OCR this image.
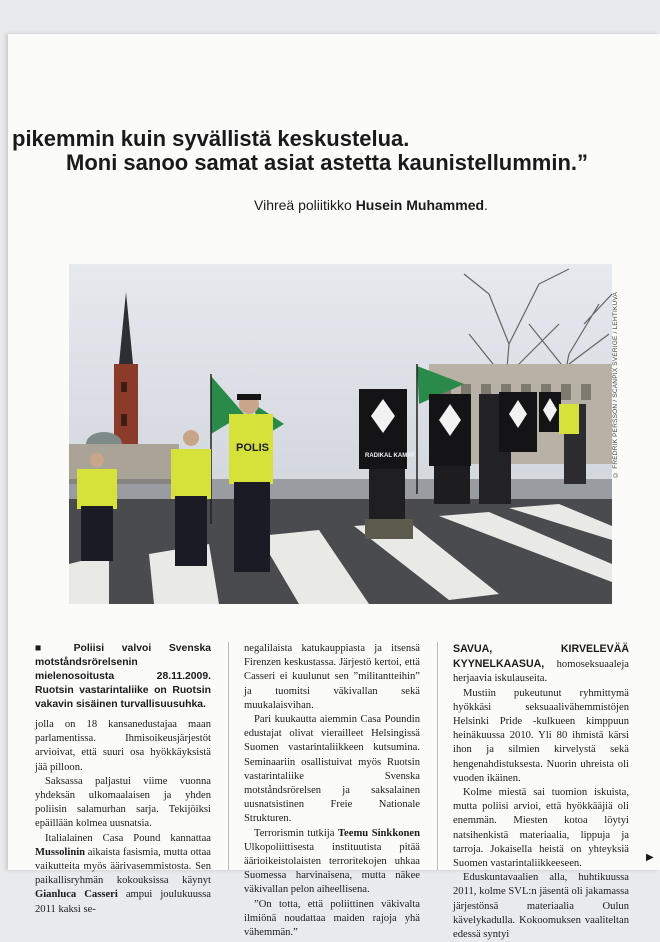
pikemmin kuin syvällistä keskustelua.
Moni sanoo samat asiat astetta kaunistellummin.”
Vihreä poliitikko Husein Muhammed.
POLIS
RADIKAL KAMPF	© FREDRIK PERSSON / SCANPIX SVERIGE / LEHTIKUVA

■ Poliisi valvoi Svenska motståndsrörelsenin mielenosoitusta 28.11.2009. Ruotsin vastarintaliike on Ruotsin vakavin sisäinen turvallisuusuhka.

jolla on 18 kansanedustajaa maan parlamentissa. Ihmisoikeusjärjestöt arvioivat, että suuri osa hyökkäyksistä jää pilloon.

Saksassa paljastui viime vuonna yhdeksän ulkomaalaisen ja yhden poliisin salamurhan sarja. Tekijöiksi epäillään kolmea uusnatsia.

Italialainen Casa Pound kannattaa Mussolinin aikaista fasismia, mutta ottaa vaikutteita myös äärivasemmistosta. Sen paikallisryhmän kokouksissa käynyt Gianluca Casseri ampui joulukuussa 2011 kaksi se-

negalilaista katukauppiasta ja itsensä Firenzen keskustassa. Järjestö kertoi, että Casseri ei kuulunut sen ”militantteihin” ja tuomitsi väkivallan sekä muukalaisvihan.

Pari kuukautta aiemmin Casa Poundin edustajat olivat vierailleet Helsingissä Suomen vastarintaliikkeen kutsumina. Seminaariin osallistuivat myös Ruotsin vastarintaliike Svenska motståndsrörelsen ja saksalainen uusnatsistinen Freie Nationale Strukturen.

Terrorismin tutkija Teemu Sinkkonen Ulkopoliittisesta instituutista pitää äärioikeistolaisten terroritekojen uhkaa Suomessa harvinaisena, mutta näkee väkivallan pelon aiheellisena.

”On totta, että poliittinen väkivalta ilmiönä noudattaa maiden rajoja yhä vähemmän.”

SAVUA, KIRVELEVÄÄ KYYNELKAASUA, homoseksuaaleja herjaavia iskulauseita.

Mustiin pukeutunut ryhmittymä hyökkäsi seksuaalivähemmistöjen Helsinki Pride -kulkueen kimppuun heinäkuussa 2010. Yli 80 ihmistä kärsi ihon ja silmien kirvelystä sekä hengenahdistuksesta. Nuorin uhreista oli vuoden ikäinen.

Kolme miestä sai tuomion iskuista, mutta poliisi arvioi, että hyökkääjiä oli enemmän. Miesten kotoa löytyi natsihenkistä materiaalia, lippuja ja tarroja. Jokaisella heistä on yhteyksiä Suomen vastarintaliikkeeseen.

Eduskuntavaalien alla, huhtikuussa 2011, kolme SVL:n jäsentä oli jakamassa järjestönsä materiaalia Oulun kävelykadulla. Kokoomuksen vaaliteltan edessä syntyi

▶
